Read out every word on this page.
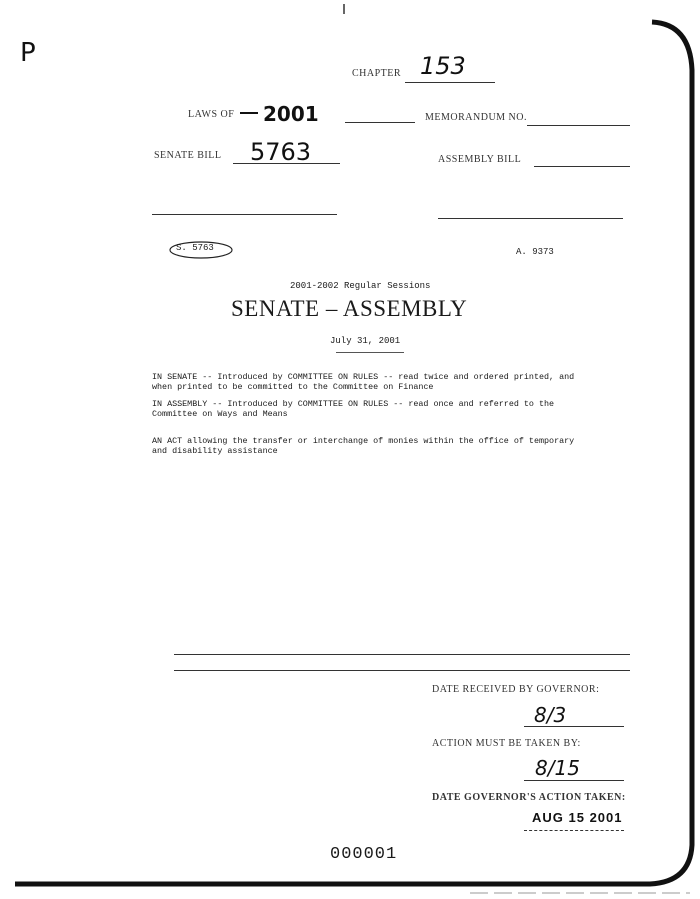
P
CHAPTER 153
LAWS OF 2001	MEMORANDUM NO.
SENATE BILL 5763	ASSEMBLY BILL
S. 5763	A. 9373
2001-2002 Regular Sessions
SENATE – ASSEMBLY
July 31, 2001
IN SENATE -- Introduced by COMMITTEE ON RULES -- read twice and ordered printed, and when printed to be committed to the Committee on Finance
IN ASSEMBLY -- Introduced by COMMITTEE ON RULES -- read once and referred to the Committee on Ways and Means
AN ACT allowing the transfer or interchange of monies within the office of temporary and disability assistance
DATE RECEIVED BY GOVERNOR:
8/3
ACTION MUST BE TAKEN BY:
8/15
DATE GOVERNOR'S ACTION TAKEN:
AUG 15 2001
000001
